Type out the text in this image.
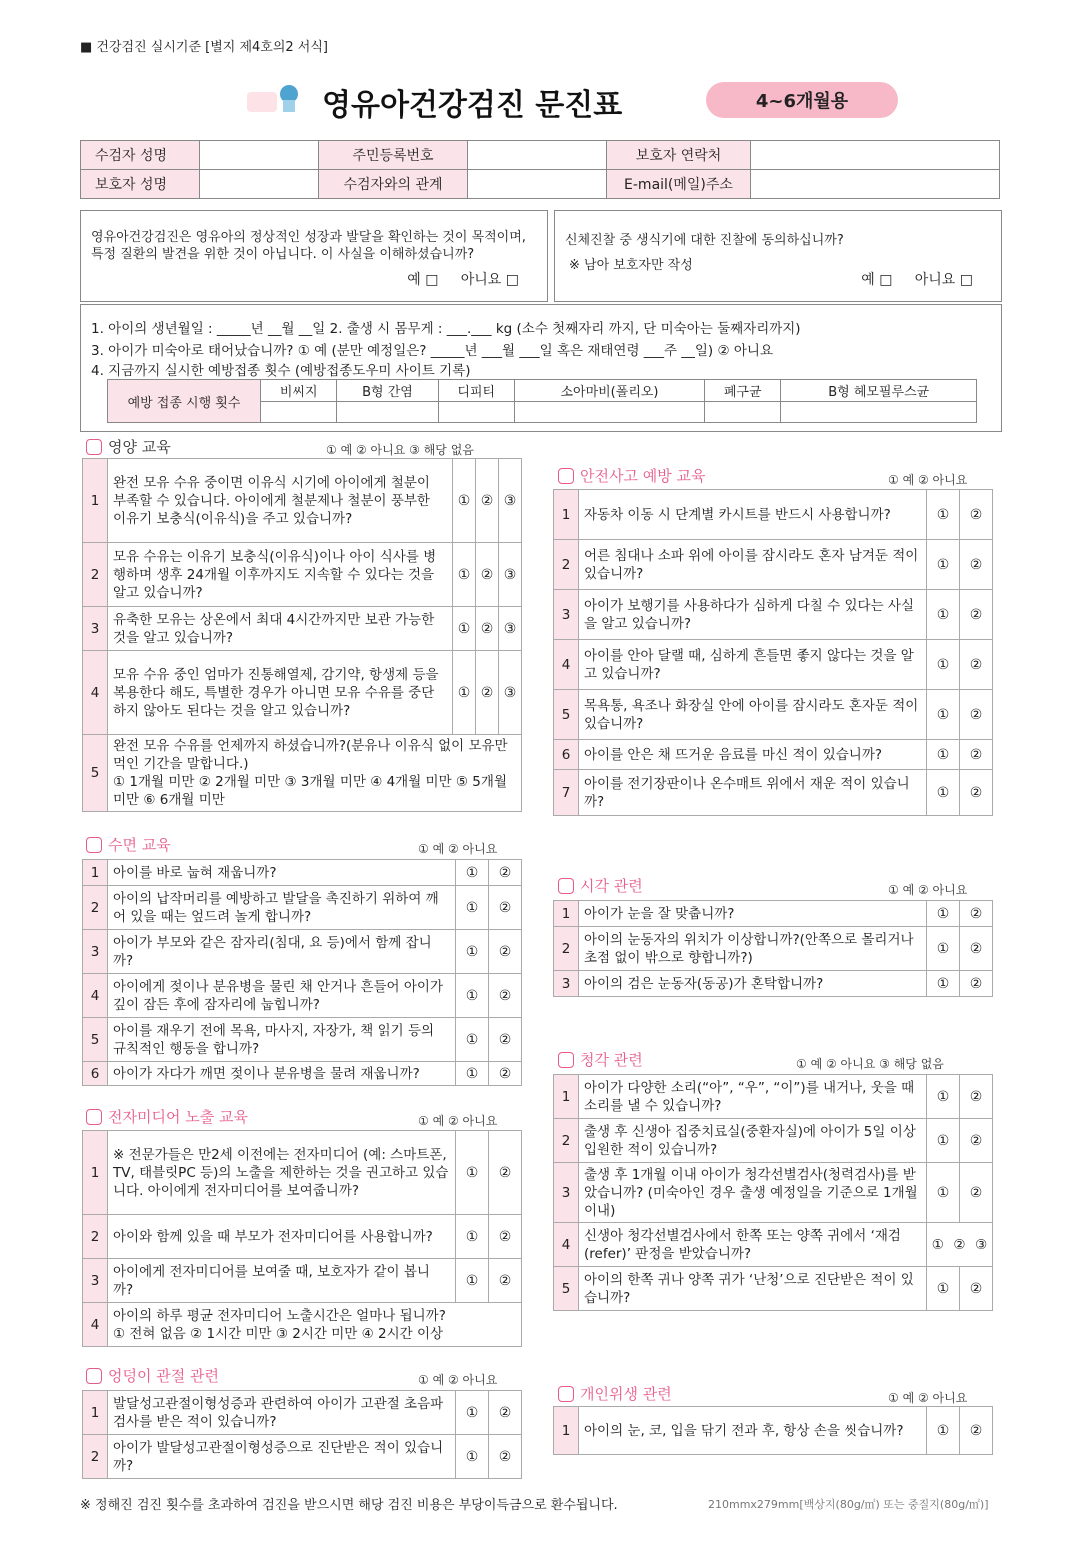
■ 건강검진 실시기준 [별지 제4호의2 서식]
영유아건강검진 문진표	4~6개월용
수검자 성명		주민등록번호		보호자 연락처	
보호자 성명		수검자와의 관계		E-mail(메일)주소	
영유아건강검진은 영유아의 정상적인 성장과 발달을 확인하는 것이 목적이며, 특정 질환의 발견을 위한 것이 아닙니다. 이 사실을 이해하셨습니까?
예 □ 아니요 □
신체진찰 중 생식기에 대한 진찰에 동의하십니까?
※ 남아 보호자만 작성
예 □ 아니요 □
1. 아이의 생년월일 : _____년 __월 __일 2. 출생 시 몸무게 : ___.___ kg (소수 첫째자리 까지, 단 미숙아는 둘째자리까지)
3. 아이가 미숙아로 태어났습니까? ① 예 (분만 예정일은? _____년 ___월 ___일 혹은 재태연령 ___주 __일) ② 아니요
4. 지금까지 실시한 예방접종 횟수 (예방접종도우미 사이트 기록)
예방 접종 시행 횟수	비씨지	B형 간염	디피티	소아마비(폴리오)	폐구균	B형 헤모필루스균

영양 교육	① 예 ② 아니요 ③ 해당 없음
1	완전 모유 수유 중이면 이유식 시기에 아이에게 철분이 부족할 수 있습니다. 아이에게 철분제나 철분이 풍부한 이유기 보충식(이유식)을 주고 있습니까?	①	②	③
2	모유 수유는 이유기 보충식(이유식)이나 아이 식사를 병행하며 생후 24개월 이후까지도 지속할 수 있다는 것을 알고 있습니까?	①	②	③
3	유축한 모유는 상온에서 최대 4시간까지만 보관 가능한 것을 알고 있습니까?	①	②	③
4	모유 수유 중인 엄마가 진통해열제, 감기약, 항생제 등을 복용한다 해도, 특별한 경우가 아니면 모유 수유를 중단하지 않아도 된다는 것을 알고 있습니까?	①	②	③
5	완전 모유 수유를 언제까지 하셨습니까?(분유나 이유식 없이 모유만 먹인 기간을 말합니다.)
① 1개월 미만 ② 2개월 미만 ③ 3개월 미만 ④ 4개월 미만 ⑤ 5개월 미만 ⑥ 6개월 미만			
수면 교육	① 예 ② 아니요
1	아이를 바로 눕혀 재웁니까?	①	②
2	아이의 납작머리를 예방하고 발달을 촉진하기 위하여 깨어 있을 때는 엎드려 놀게 합니까?	①	②
3	아이가 부모와 같은 잠자리(침대, 요 등)에서 함께 잡니까?	①	②
4	아이에게 젖이나 분유병을 물린 채 안거나 흔들어 아이가 깊이 잠든 후에 잠자리에 눕힙니까?	①	②
5	아이를 재우기 전에 목욕, 마사지, 자장가, 책 읽기 등의 규칙적인 행동을 합니까?	①	②
6	아이가 자다가 깨면 젖이나 분유병을 물려 재웁니까?	①	②
전자미디어 노출 교육	① 예 ② 아니요
1	※ 전문가들은 만2세 이전에는 전자미디어 (예: 스마트폰, TV, 태블릿PC 등)의 노출을 제한하는 것을 권고하고 있습니다. 아이에게 전자미디어를 보여줍니까?	①	②
2	아이와 함께 있을 때 부모가 전자미디어를 사용합니까?	①	②
3	아이에게 전자미디어를 보여줄 때, 보호자가 같이 봅니까?	①	②
4	아이의 하루 평균 전자미디어 노출시간은 얼마나 됩니까?
① 전혀 없음 ② 1시간 미만 ③ 2시간 미만 ④ 2시간 이상		
엉덩이 관절 관련	① 예 ② 아니요
1	발달성고관절이형성증과 관련하여 아이가 고관절 초음파 검사를 받은 적이 있습니까?	①	②
2	아이가 발달성고관절이형성증으로 진단받은 적이 있습니까?	①	②
안전사고 예방 교육	① 예 ② 아니요
1	자동차 이동 시 단계별 카시트를 반드시 사용합니까?	①	②
2	어른 침대나 소파 위에 아이를 잠시라도 혼자 남겨둔 적이 있습니까?	①	②
3	아이가 보행기를 사용하다가 심하게 다칠 수 있다는 사실을 알고 있습니까?	①	②
4	아이를 안아 달랠 때, 심하게 흔들면 좋지 않다는 것을 알고 있습니까?	①	②
5	목욕통, 욕조나 화장실 안에 아이를 잠시라도 혼자둔 적이 있습니까?	①	②
6	아이를 안은 채 뜨거운 음료를 마신 적이 있습니까?	①	②
7	아이를 전기장판이나 온수매트 위에서 재운 적이 있습니까?	①	②
시각 관련	① 예 ② 아니요
1	아이가 눈을 잘 맞춥니까?	①	②
2	아이의 눈동자의 위치가 이상합니까?(안쪽으로 몰리거나 초점 없이 밖으로 향합니까?)	①	②
3	아이의 검은 눈동자(동공)가 혼탁합니까?	①	②
청각 관련	① 예 ② 아니요 ③ 해당 없음
1	아이가 다양한 소리(“아”, “우”, “이”)를 내거나, 웃을 때 소리를 낼 수 있습니까?	①	②
2	출생 후 신생아 집중치료실(중환자실)에 아이가 5일 이상 입원한 적이 있습니까?	①	②
3	출생 후 1개월 이내 아이가 청각선별검사(청력검사)를 받았습니까? (미숙아인 경우 출생 예정일을 기준으로 1개월 이내)	①	②
4	신생아 청각선별검사에서 한쪽 또는 양쪽 귀에서 ‘재검(refer)’ 판정을 받았습니까?	① ② ③	

5	아이의 한쪽 귀나 양쪽 귀가 ‘난청’으로 진단받은 적이 있습니까?	①	②
개인위생 관련	① 예 ② 아니요
1	아이의 눈, 코, 입을 닦기 전과 후, 항상 손을 씻습니까?	①	②
※ 정해진 검진 횟수를 초과하여 검진을 받으시면 해당 검진 비용은 부당이득금으로 환수됩니다.	210mmx279mm[백상지(80g/㎡) 또는 중질지(80g/㎡)]
